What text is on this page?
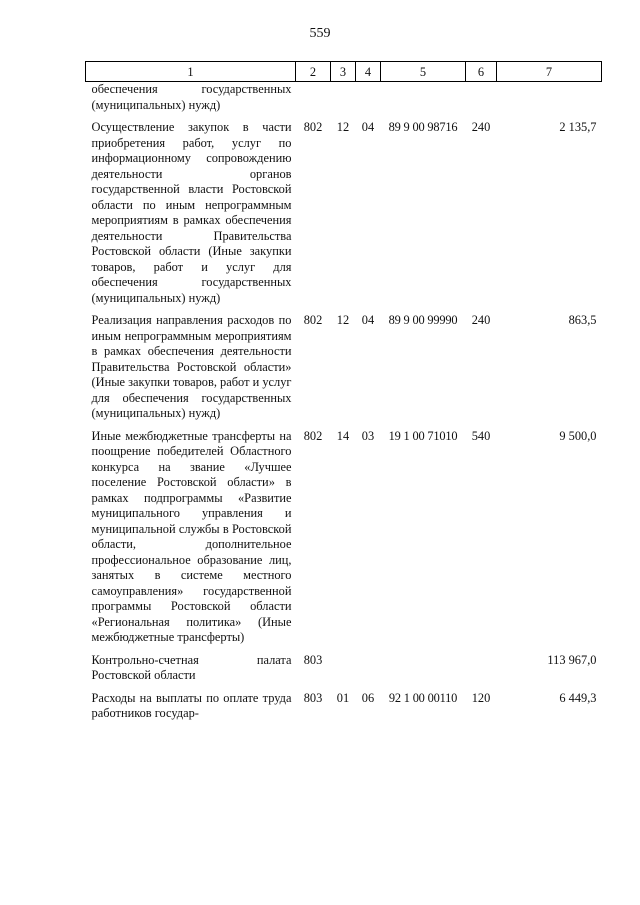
559
1	2	3	4	5	6	7
обеспечения государственных (муниципальных) нужд)						
Осуществление закупок в части приобретения работ, услуг по информационному сопровождению деятельности органов государственной власти Ростовской области по иным непрограммным мероприятиям в рамках обеспечения деятельности Правительства Ростовской области (Иные закупки товаров, работ и услуг для обеспечения государственных (муниципальных) нужд)	802	12	04	89 9 00 98716	240	2 135,7
Реализация направления расходов по иным непрограммным мероприятиям в рамках обеспечения деятельности Правительства Ростовской области» (Иные закупки товаров, работ и услуг для обеспечения государственных (муниципальных) нужд)	802	12	04	89 9 00 99990	240	863,5
Иные межбюджетные трансферты на поощрение победителей Областного конкурса на звание «Лучшее поселение Ростовской области» в рамках подпрограммы «Развитие муниципального управления и муниципальной службы в Ростовской области, дополнительное профессиональное образование лиц, занятых в системе местного самоуправления» государственной программы Ростовской области «Региональная политика» (Иные межбюджетные трансферты)	802	14	03	19 1 00 71010	540	9 500,0
Контрольно-счетная палата Ростовской области	803					113 967,0
Расходы на выплаты по оплате труда работников государ-	803	01	06	92 1 00 00110	120	6 449,3
